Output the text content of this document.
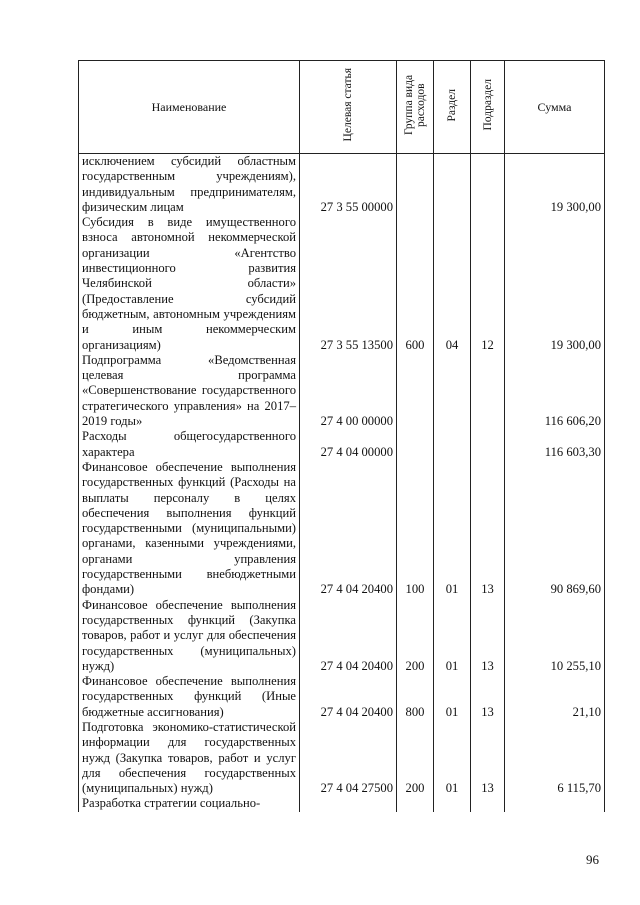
Наименование	Целевая статья	Группа вида расходов	Раздел	Подраздел	Сумма
исключением субсидий областным государственным учреждениям), индивидуальным предпринимателям, физическим лицам	27 3 55 00000				19 300,00
Субсидия в виде имущественного взноса автономной некоммерческой организации «Агентство инвестиционного развития Челябинской области» (Предоставление субсидий бюджетным, автономным учреждениям и иным некоммерческим организациям)	27 3 55 13500	600	04	12	19 300,00
Подпрограмма «Ведомственная целевая программа «Совершенствование государственного стратегического управления» на 2017–2019 годы»	27 4 00 00000				116 606,20
Расходы общегосударственного характера	27 4 04 00000				116 603,30
Финансовое обеспечение выполнения государственных функций (Расходы на выплаты персоналу в целях обеспечения выполнения функций государственными (муниципальными) органами, казенными учреждениями, органами управления государственными внебюджетными фондами)	27 4 04 20400	100	01	13	90 869,60
Финансовое обеспечение выполнения государственных функций (Закупка товаров, работ и услуг для обеспечения государственных (муниципальных) нужд)	27 4 04 20400	200	01	13	10 255,10
Финансовое обеспечение выполнения государственных функций (Иные бюджетные ассигнования)	27 4 04 20400	800	01	13	21,10
Подготовка экономико-статистической информации для государственных нужд (Закупка товаров, работ и услуг для обеспечения государственных (муниципальных) нужд)	27 4 04 27500	200	01	13	6 115,70
Разработка стратегии социально-					
96
